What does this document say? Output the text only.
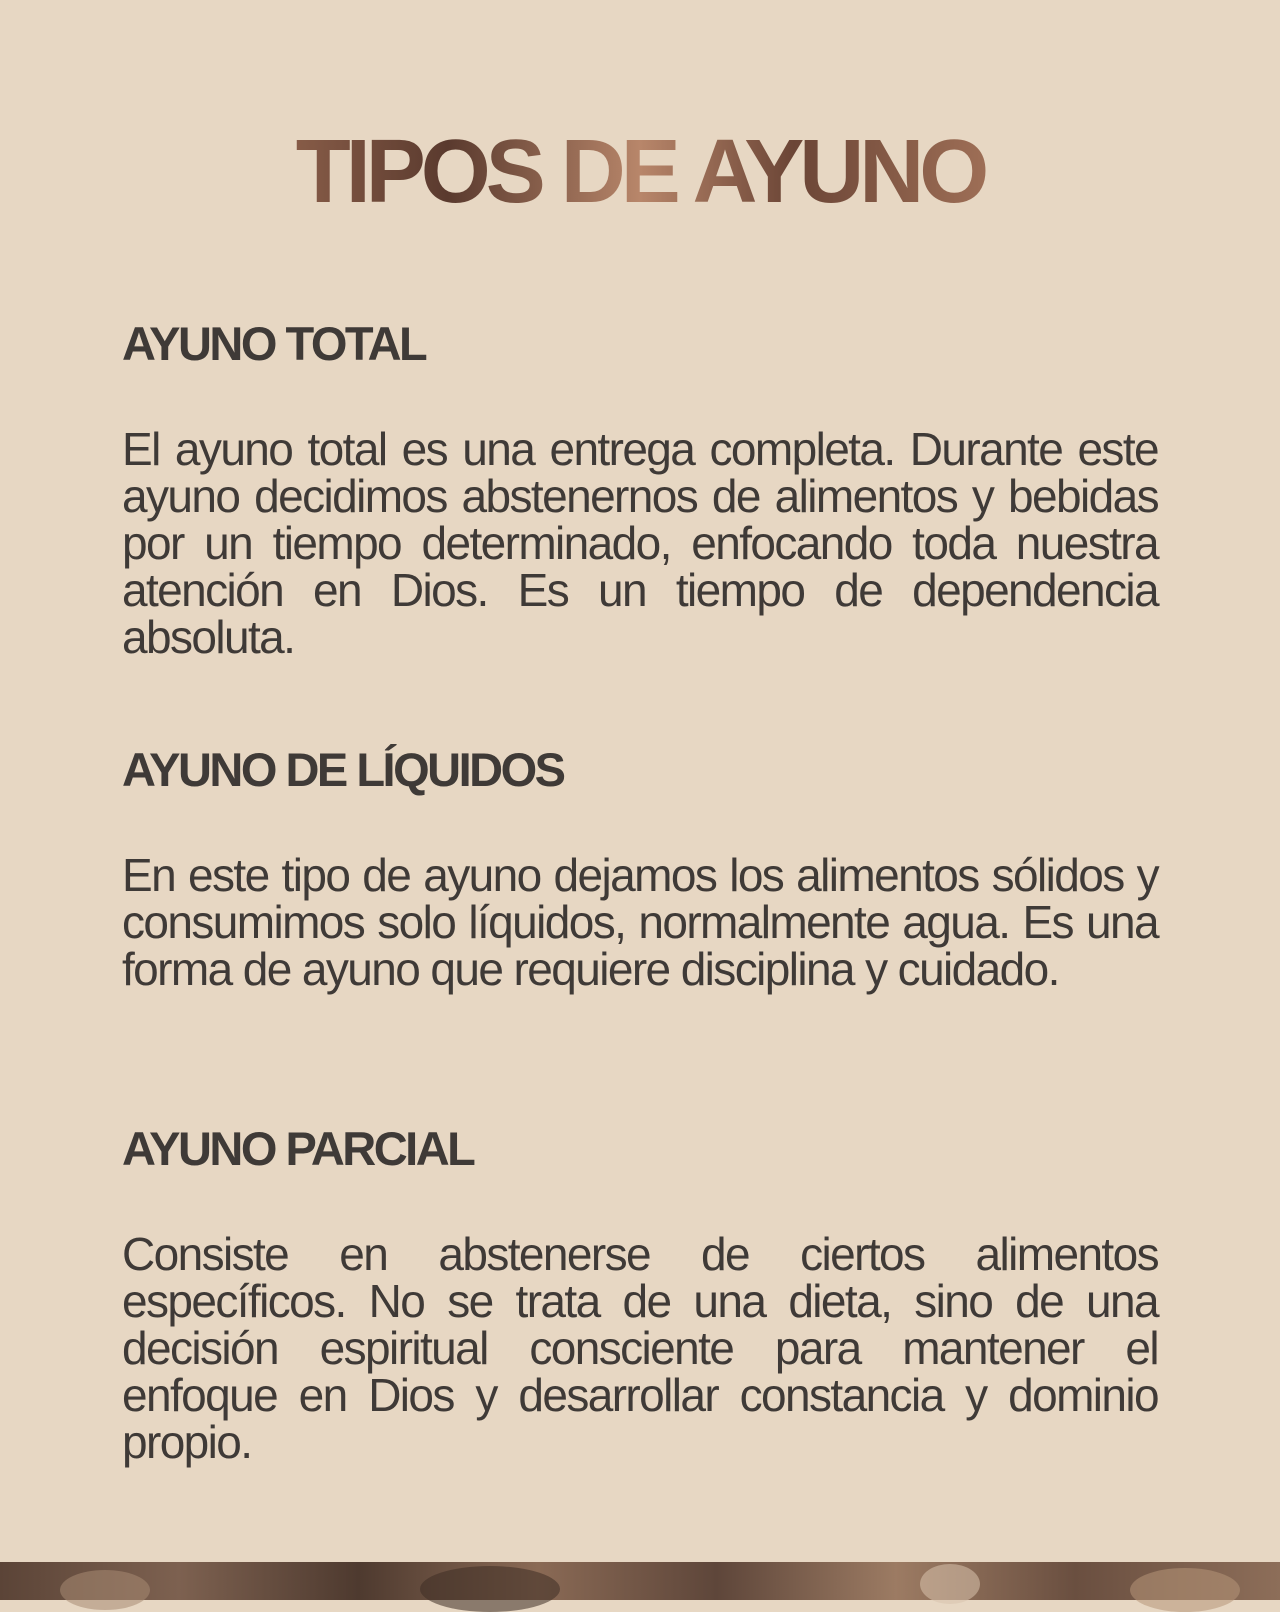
TIPOS DE AYUNO
AYUNO TOTAL

El ayuno total es una entrega completa. Durante este ayuno decidimos abstenernos de alimentos y bebidas por un tiempo determinado, enfocando toda nuestra atención en Dios. Es un tiempo de dependencia absoluta.

AYUNO DE LÍQUIDOS

En este tipo de ayuno dejamos los alimentos sólidos y consumimos solo líquidos, normalmente agua. Es una forma de ayuno que requiere disciplina y cuidado.

AYUNO PARCIAL

Consiste en abstenerse de ciertos alimentos específicos. No se trata de una dieta, sino de una decisión espiritual consciente para mantener el enfoque en Dios y desarrollar constancia y dominio propio.
